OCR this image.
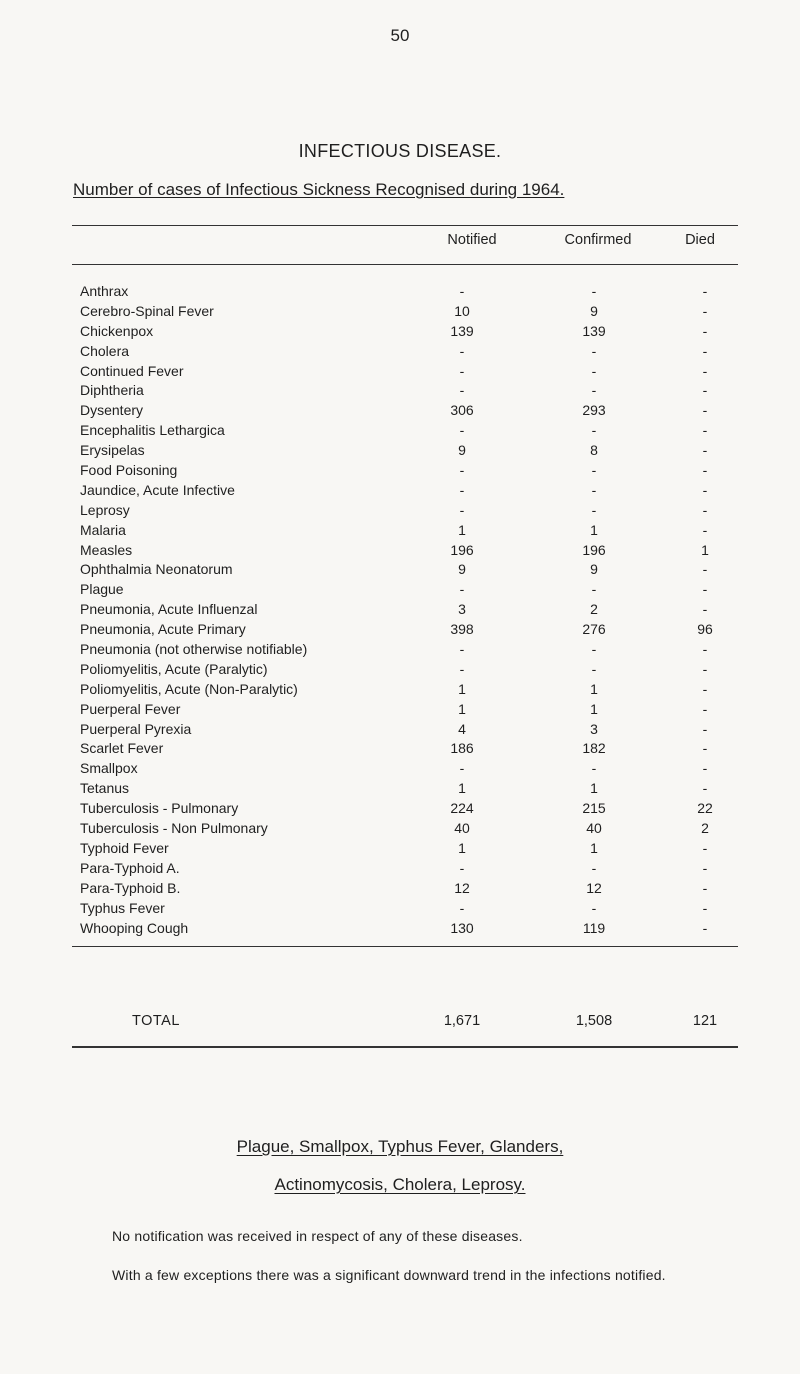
50
INFECTIOUS DISEASE.
Number of cases of Infectious Sickness Recognised during 1964.
Notified	Confirmed	Died
Anthrax	-	-	-
Cerebro-Spinal Fever	10	9	-
Chickenpox	139	139	-
Cholera	-	-	-
Continued Fever	-	-	-
Diphtheria	-	-	-
Dysentery	306	293	-
Encephalitis Lethargica	-	-	-
Erysipelas	9	8	-
Food Poisoning	-	-	-
Jaundice, Acute Infective	-	-	-
Leprosy	-	-	-
Malaria	1	1	-
Measles	196	196	1
Ophthalmia Neonatorum	9	9	-
Plague	-	-	-
Pneumonia, Acute Influenzal	3	2	-
Pneumonia, Acute Primary	398	276	96
Pneumonia (not otherwise notifiable)	-	-	-
Poliomyelitis, Acute (Paralytic)	-	-	-
Poliomyelitis, Acute (Non-Paralytic)	1	1	-
Puerperal Fever	1	1	-
Puerperal Pyrexia	4	3	-
Scarlet Fever	186	182	-
Smallpox	-	-	-
Tetanus	1	1	-
Tuberculosis - Pulmonary	224	215	22
Tuberculosis - Non Pulmonary	40	40	2
Typhoid Fever	1	1	-
Para-Typhoid A.	-	-	-
Para-Typhoid B.	12	12	-
Typhus Fever	-	-	-
Whooping Cough	130	119	-
TOTAL	1,671	1,508	121
Plague, Smallpox, Typhus Fever, Glanders,
Actinomycosis, Cholera, Leprosy.
No notification was received in respect of any of these diseases.
With a few exceptions there was a significant downward trend in the infections notified.
